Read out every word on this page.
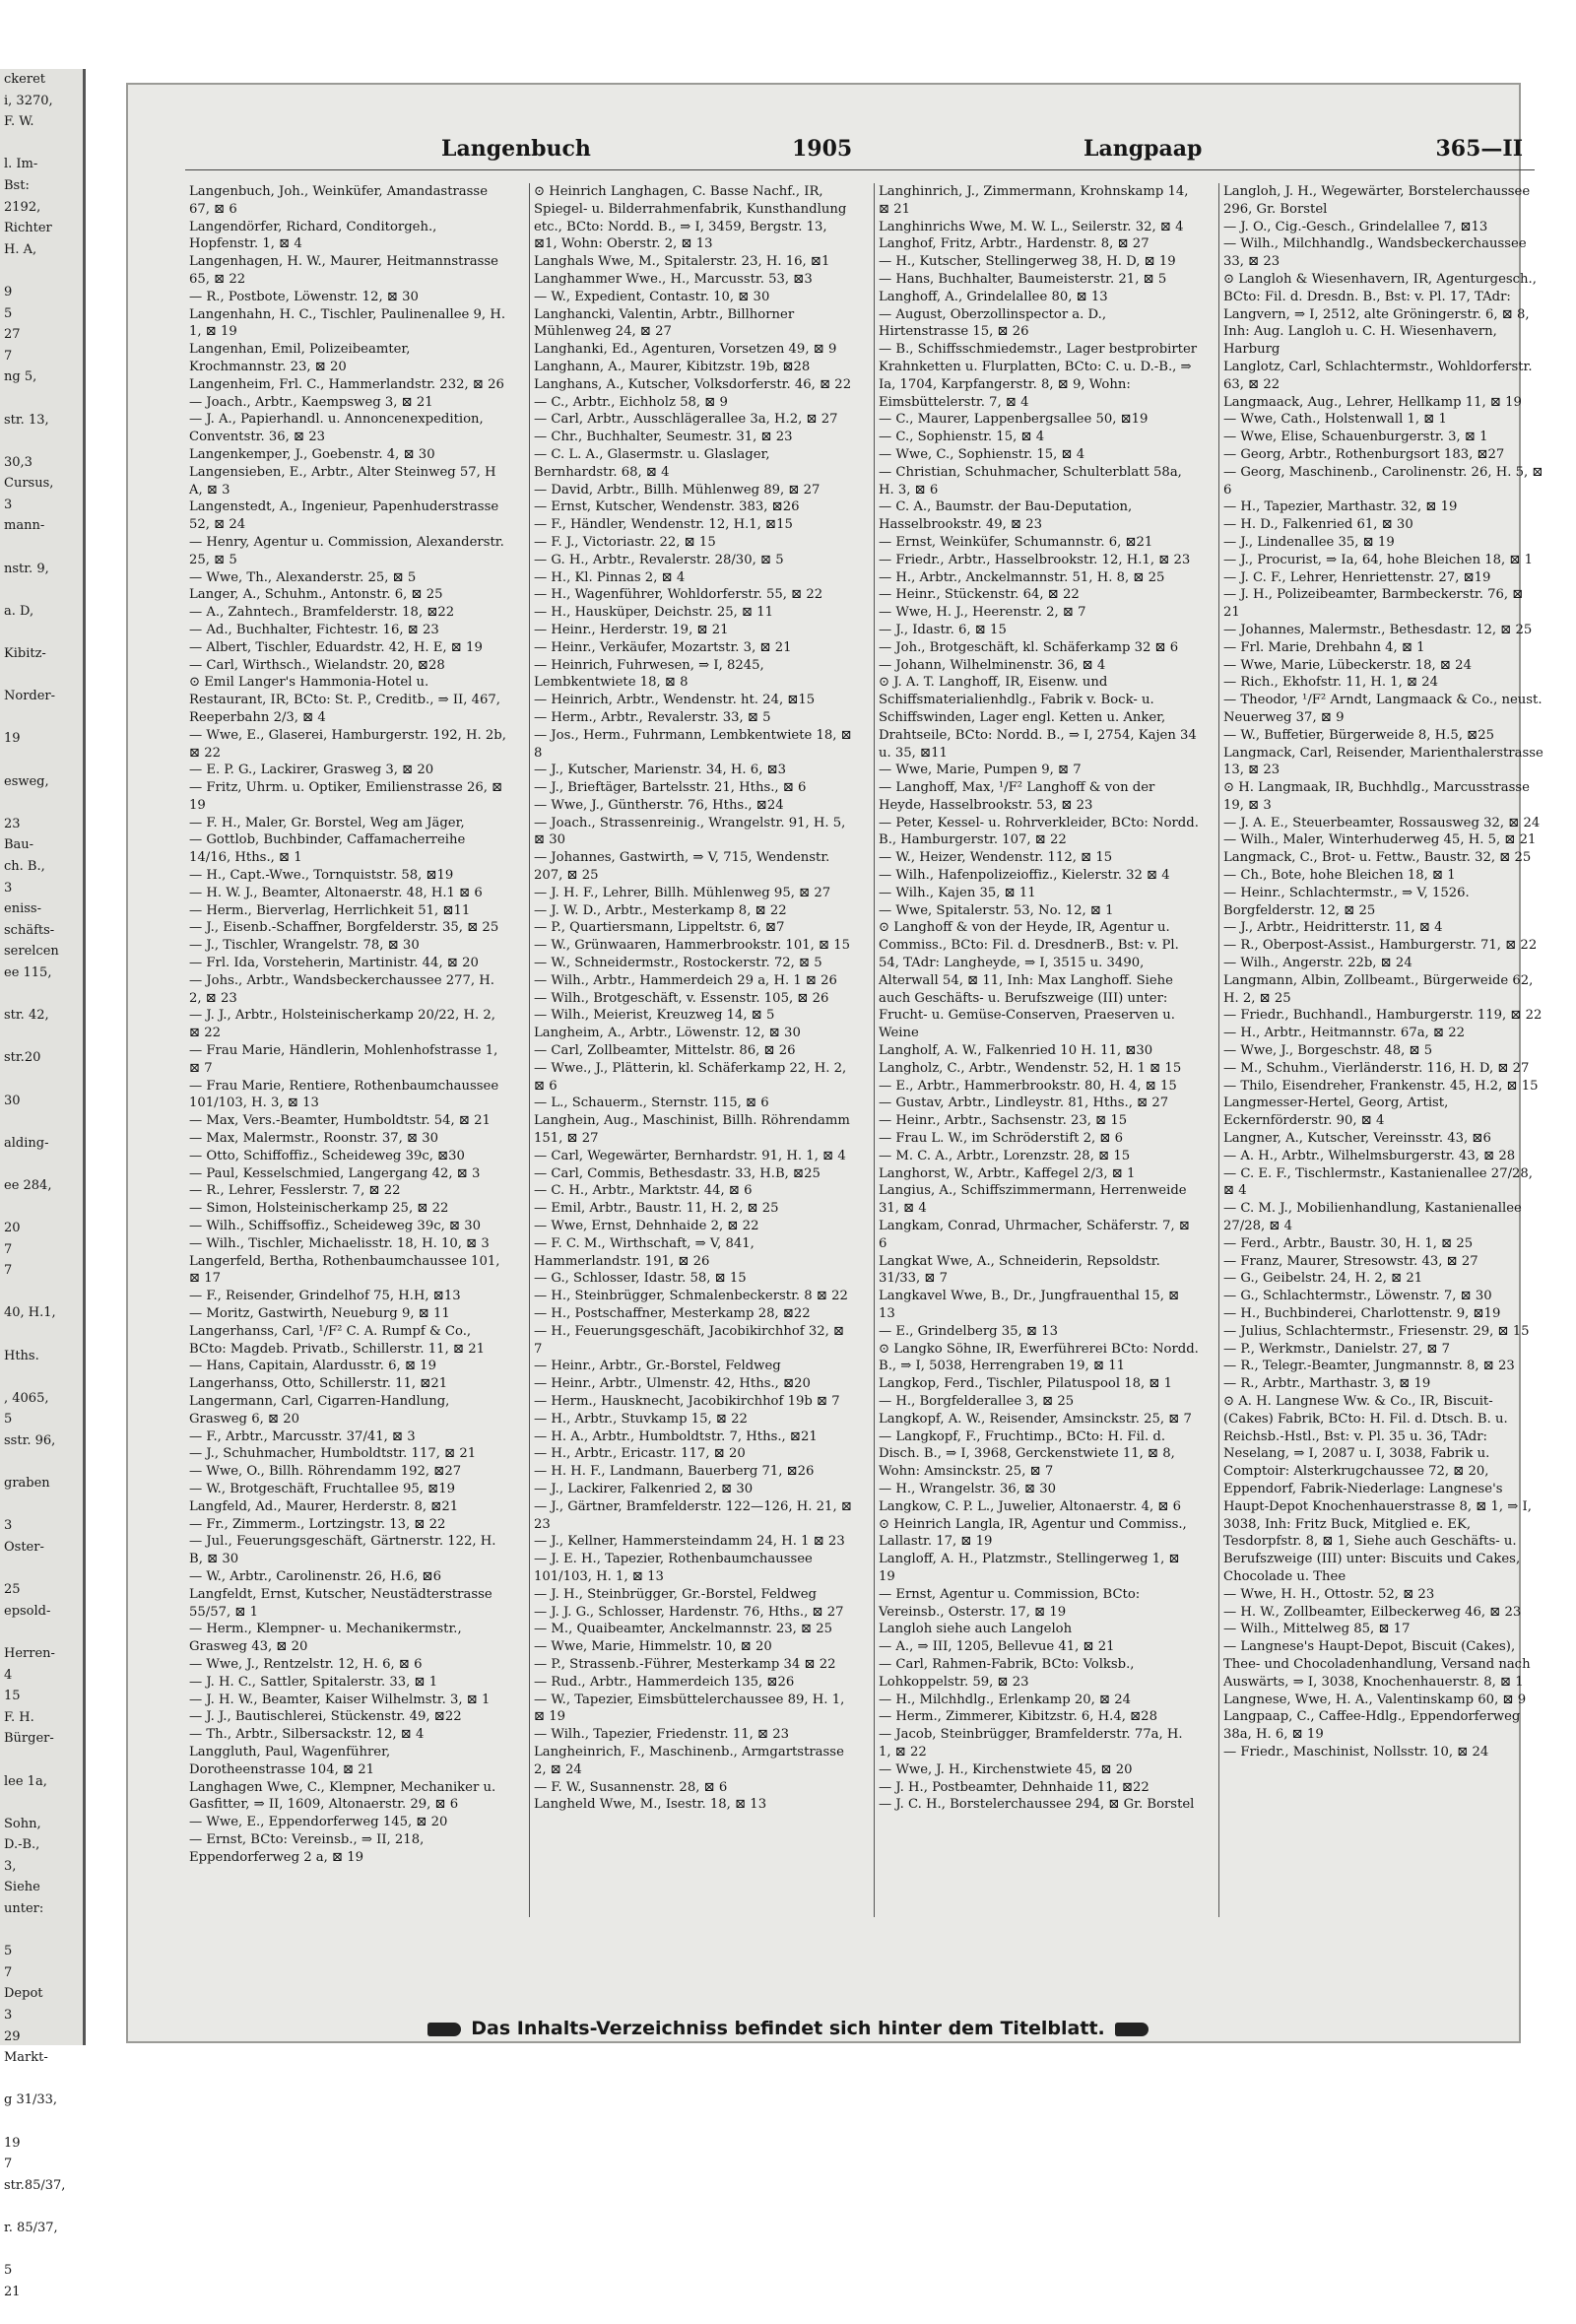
ckeret
i, 3270,
F. W.

l. Im-
Bst:
2192,
Richter
H. A,

9
5
27
7
ng 5,

str. 13,

30,3
Cursus,
3
mann-

nstr. 9,

a. D,

Kibitz-

Norder-

19

esweg,

23
Bau-
ch. B.,
3
eniss-
schäfts-
serelcen
ee 115,

str. 42,

str.20

30

alding-

ee 284,

20
7
7

40, H.1,

Hths.

, 4065,
5
sstr. 96,

graben

3
Oster-

25
epsold-

Herren-
4
15
F. H.
Bürger-

lee 1a,

Sohn,
D.-B.,
3,
Siehe
unter:

5
7
Depot
3
29
Markt-

g 31/33,

19
7
str.85/37,

r. 85/37,

5
21

Langenbuch	1905	Langpaap	365—II

Langenbuch, Joh., Weinküfer, Amandastrasse 67, ⊠ 6

Langendörfer, Richard, Conditorgeh., Hopfenstr. 1, ⊠ 4

Langenhagen, H. W., Maurer, Heitmannstrasse 65, ⊠ 22

— R., Postbote, Löwenstr. 12, ⊠ 30

Langenhahn, H. C., Tischler, Paulinenallee 9, H. 1, ⊠ 19

Langenhan, Emil, Polizeibeamter, Krochmannstr. 23, ⊠ 20

Langenheim, Frl. C., Hammerlandstr. 232, ⊠ 26

— Joach., Arbtr., Kaempsweg 3, ⊠ 21

— J. A., Papierhandl. u. Annoncenexpedition, Conventstr. 36, ⊠ 23

Langenkemper, J., Goebenstr. 4, ⊠ 30

Langensieben, E., Arbtr., Alter Steinweg 57, H A, ⊠ 3

Langenstedt, A., Ingenieur, Papenhuderstrasse 52, ⊠ 24

— Henry, Agentur u. Commission, Alexanderstr. 25, ⊠ 5

— Wwe, Th., Alexanderstr. 25, ⊠ 5

Langer, A., Schuhm., Antonstr. 6, ⊠ 25

— A., Zahntech., Bramfelderstr. 18, ⊠22

— Ad., Buchhalter, Fichtestr. 16, ⊠ 23

— Albert, Tischler, Eduardstr. 42, H. E, ⊠ 19

— Carl, Wirthsch., Wielandstr. 20, ⊠28

⊙ Emil Langer's Hammonia-Hotel u. Restaurant, IR, BCto: St. P., Creditb., ⇒ II, 467, Reeperbahn 2/3, ⊠ 4

— Wwe, E., Glaserei, Hamburgerstr. 192, H. 2b, ⊠ 22

— E. P. G., Lackirer, Grasweg 3, ⊠ 20

— Fritz, Uhrm. u. Optiker, Emilienstrasse 26, ⊠ 19

— F. H., Maler, Gr. Borstel, Weg am Jäger,

— Gottlob, Buchbinder, Caffamacherreihe 14/16, Hths., ⊠ 1

— H., Capt.-Wwe., Tornquiststr. 58, ⊠19

— H. W. J., Beamter, Altonaerstr. 48, H.1 ⊠ 6

— Herm., Bierverlag, Herrlichkeit 51, ⊠11

— J., Eisenb.-Schaffner, Borgfelderstr. 35, ⊠ 25

— J., Tischler, Wrangelstr. 78, ⊠ 30

— Frl. Ida, Vorsteherin, Martinistr. 44, ⊠ 20

— Johs., Arbtr., Wandsbeckerchaussee 277, H. 2, ⊠ 23

— J. J., Arbtr., Holsteinischerkamp 20/22, H. 2, ⊠ 22

— Frau Marie, Händlerin, Mohlenhofstrasse 1, ⊠ 7

— Frau Marie, Rentiere, Rothenbaumchaussee 101/103, H. 3, ⊠ 13

— Max, Vers.-Beamter, Humboldtstr. 54, ⊠ 21

— Max, Malermstr., Roonstr. 37, ⊠ 30

— Otto, Schiffoffiz., Scheideweg 39c, ⊠30

— Paul, Kesselschmied, Langergang 42, ⊠ 3

— R., Lehrer, Fesslerstr. 7, ⊠ 22

— Simon, Holsteinischerkamp 25, ⊠ 22

— Wilh., Schiffsoffiz., Scheideweg 39c, ⊠ 30

— Wilh., Tischler, Michaelisstr. 18, H. 10, ⊠ 3

Langerfeld, Bertha, Rothenbaumchaussee 101, ⊠ 17

— F., Reisender, Grindelhof 75, H.H, ⊠13

— Moritz, Gastwirth, Neueburg 9, ⊠ 11

Langerhanss, Carl, ¹/F² C. A. Rumpf & Co., BCto: Magdeb. Privatb., Schillerstr. 11, ⊠ 21

— Hans, Capitain, Alardusstr. 6, ⊠ 19

Langerhanss, Otto, Schillerstr. 11, ⊠21

Langermann, Carl, Cigarren-Handlung, Grasweg 6, ⊠ 20

— F., Arbtr., Marcusstr. 37/41, ⊠ 3

— J., Schuhmacher, Humboldtstr. 117, ⊠ 21

— Wwe, O., Billh. Röhrendamm 192, ⊠27

— W., Brotgeschäft, Fruchtallee 95, ⊠19

Langfeld, Ad., Maurer, Herderstr. 8, ⊠21

— Fr., Zimmerm., Lortzingstr. 13, ⊠ 22

— Jul., Feuerungsgeschäft, Gärtnerstr. 122, H. B, ⊠ 30

— W., Arbtr., Carolinenstr. 26, H.6, ⊠6

Langfeldt, Ernst, Kutscher, Neustädterstrasse 55/57, ⊠ 1

— Herm., Klempner- u. Mechanikermstr., Grasweg 43, ⊠ 20

— Wwe, J., Rentzelstr. 12, H. 6, ⊠ 6

— J. H. C., Sattler, Spitalerstr. 33, ⊠ 1

— J. H. W., Beamter, Kaiser Wilhelmstr. 3, ⊠ 1

— J. J., Bautischlerei, Stückenstr. 49, ⊠22

— Th., Arbtr., Silbersackstr. 12, ⊠ 4

Langgluth, Paul, Wagenführer, Dorotheenstrasse 104, ⊠ 21

Langhagen Wwe, C., Klempner, Mechaniker u. Gasfitter, ⇒ II, 1609, Altonaerstr. 29, ⊠ 6

— Wwe, E., Eppendorferweg 145, ⊠ 20

— Ernst, BCto: Vereinsb., ⇒ II, 218, Eppendorferweg 2 a, ⊠ 19

⊙ Heinrich Langhagen, C. Basse Nachf., IR, Spiegel- u. Bilderrahmenfabrik, Kunsthandlung etc., BCto: Nordd. B., ⇒ I, 3459, Bergstr. 13, ⊠1, Wohn: Oberstr. 2, ⊠ 13

Langhals Wwe, M., Spitalerstr. 23, H. 16, ⊠1

Langhammer Wwe., H., Marcusstr. 53, ⊠3

— W., Expedient, Contastr. 10, ⊠ 30

Langhancki, Valentin, Arbtr., Billhorner Mühlenweg 24, ⊠ 27

Langhanki, Ed., Agenturen, Vorsetzen 49, ⊠ 9

Langhann, A., Maurer, Kibitzstr. 19b, ⊠28

Langhans, A., Kutscher, Volksdorferstr. 46, ⊠ 22

— C., Arbtr., Eichholz 58, ⊠ 9

— Carl, Arbtr., Ausschlägerallee 3a, H.2, ⊠ 27

— Chr., Buchhalter, Seumestr. 31, ⊠ 23

— C. L. A., Glasermstr. u. Glaslager, Bernhardstr. 68, ⊠ 4

— David, Arbtr., Billh. Mühlenweg 89, ⊠ 27

— Ernst, Kutscher, Wendenstr. 383, ⊠26

— F., Händler, Wendenstr. 12, H.1, ⊠15

— F. J., Victoriastr. 22, ⊠ 15

— G. H., Arbtr., Revalerstr. 28/30, ⊠ 5

— H., Kl. Pinnas 2, ⊠ 4

— H., Wagenführer, Wohldorferstr. 55, ⊠ 22

— H., Hausküper, Deichstr. 25, ⊠ 11

— Heinr., Herderstr. 19, ⊠ 21

— Heinr., Verkäufer, Mozartstr. 3, ⊠ 21

— Heinrich, Fuhrwesen, ⇒ I, 8245, Lembkentwiete 18, ⊠ 8

— Heinrich, Arbtr., Wendenstr. ht. 24, ⊠15

— Herm., Arbtr., Revalerstr. 33, ⊠ 5

— Jos., Herm., Fuhrmann, Lembkentwiete 18, ⊠ 8

— J., Kutscher, Marienstr. 34, H. 6, ⊠3

— J., Brieftäger, Bartelsstr. 21, Hths., ⊠ 6

— Wwe, J., Güntherstr. 76, Hths., ⊠24

— Joach., Strassenreinig., Wrangelstr. 91, H. 5, ⊠ 30

— Johannes, Gastwirth, ⇒ V, 715, Wendenstr. 207, ⊠ 25

— J. H. F., Lehrer, Billh. Mühlenweg 95, ⊠ 27

— J. W. D., Arbtr., Mesterkamp 8, ⊠ 22

— P., Quartiersmann, Lippeltstr. 6, ⊠7

— W., Grünwaaren, Hammerbrookstr. 101, ⊠ 15

— W., Schneidermstr., Rostockerstr. 72, ⊠ 5

— Wilh., Arbtr., Hammerdeich 29 a, H. 1 ⊠ 26

— Wilh., Brotgeschäft, v. Essenstr. 105, ⊠ 26

— Wilh., Meierist, Kreuzweg 14, ⊠ 5

Langheim, A., Arbtr., Löwenstr. 12, ⊠ 30

— Carl, Zollbeamter, Mittelstr. 86, ⊠ 26

— Wwe., J., Plätterin, kl. Schäferkamp 22, H. 2, ⊠ 6

— L., Schauerm., Sternstr. 115, ⊠ 6

Langhein, Aug., Maschinist, Billh. Röhrendamm 151, ⊠ 27

— Carl, Wegewärter, Bernhardstr. 91, H. 1, ⊠ 4

— Carl, Commis, Bethesdastr. 33, H.B, ⊠25

— C. H., Arbtr., Marktstr. 44, ⊠ 6

— Emil, Arbtr., Baustr. 11, H. 2, ⊠ 25

— Wwe, Ernst, Dehnhaide 2, ⊠ 22

— F. C. M., Wirthschaft, ⇒ V, 841, Hammerlandstr. 191, ⊠ 26

— G., Schlosser, Idastr. 58, ⊠ 15

— H., Steinbrügger, Schmalenbeckerstr. 8 ⊠ 22

— H., Postschaffner, Mesterkamp 28, ⊠22

— H., Feuerungsgeschäft, Jacobikirchhof 32, ⊠ 7

— Heinr., Arbtr., Gr.-Borstel, Feldweg

— Heinr., Arbtr., Ulmenstr. 42, Hths., ⊠20

— Herm., Hausknecht, Jacobikirchhof 19b ⊠ 7

— H., Arbtr., Stuvkamp 15, ⊠ 22

— H. A., Arbtr., Humboldtstr. 7, Hths., ⊠21

— H., Arbtr., Ericastr. 117, ⊠ 20

— H. H. F., Landmann, Bauerberg 71, ⊠26

— J., Lackirer, Falkenried 2, ⊠ 30

— J., Gärtner, Bramfelderstr. 122—126, H. 21, ⊠ 23

— J., Kellner, Hammersteindamm 24, H. 1 ⊠ 23

— J. E. H., Tapezier, Rothenbaumchaussee 101/103, H. 1, ⊠ 13

— J. H., Steinbrügger, Gr.-Borstel, Feldweg

— J. J. G., Schlosser, Hardenstr. 76, Hths., ⊠ 27

— M., Quaibeamter, Anckelmannstr. 23, ⊠ 25

— Wwe, Marie, Himmelstr. 10, ⊠ 20

— P., Strassenb.-Führer, Mesterkamp 34 ⊠ 22

— Rud., Arbtr., Hammerdeich 135, ⊠26

— W., Tapezier, Eimsbüttelerchaussee 89, H. 1, ⊠ 19

— Wilh., Tapezier, Friedenstr. 11, ⊠ 23

Langheinrich, F., Maschinenb., Armgartstrasse 2, ⊠ 24

— F. W., Susannenstr. 28, ⊠ 6

Langheld Wwe, M., Isestr. 18, ⊠ 13

Langhinrich, J., Zimmermann, Krohnskamp 14, ⊠ 21

Langhinrichs Wwe, M. W. L., Seilerstr. 32, ⊠ 4

Langhof, Fritz, Arbtr., Hardenstr. 8, ⊠ 27

— H., Kutscher, Stellingerweg 38, H. D, ⊠ 19

— Hans, Buchhalter, Baumeisterstr. 21, ⊠ 5

Langhoff, A., Grindelallee 80, ⊠ 13

— August, Oberzollinspector a. D., Hirtenstrasse 15, ⊠ 26

— B., Schiffsschmiedemstr., Lager bestprobirter Krahnketten u. Flurplatten, BCto: C. u. D.-B., ⇒ Ia, 1704, Karpfangerstr. 8, ⊠ 9, Wohn: Eimsbüttelerstr. 7, ⊠ 4

— C., Maurer, Lappenbergsallee 50, ⊠19

— C., Sophienstr. 15, ⊠ 4

— Wwe, C., Sophienstr. 15, ⊠ 4

— Christian, Schuhmacher, Schulterblatt 58a, H. 3, ⊠ 6

— C. A., Baumstr. der Bau-Deputation, Hasselbrookstr. 49, ⊠ 23

— Ernst, Weinküfer, Schumannstr. 6, ⊠21

— Friedr., Arbtr., Hasselbrookstr. 12, H.1, ⊠ 23

— H., Arbtr., Anckelmannstr. 51, H. 8, ⊠ 25

— Heinr., Stückenstr. 64, ⊠ 22

— Wwe, H. J., Heerenstr. 2, ⊠ 7

— J., Idastr. 6, ⊠ 15

— Joh., Brotgeschäft, kl. Schäferkamp 32 ⊠ 6

— Johann, Wilhelminenstr. 36, ⊠ 4

⊙ J. A. T. Langhoff, IR, Eisenw. und Schiffsmaterialienhdlg., Fabrik v. Bock- u. Schiffswinden, Lager engl. Ketten u. Anker, Drahtseile, BCto: Nordd. B., ⇒ I, 2754, Kajen 34 u. 35, ⊠11

— Wwe, Marie, Pumpen 9, ⊠ 7

— Langhoff, Max, ¹/F² Langhoff & von der Heyde, Hasselbrookstr. 53, ⊠ 23

— Peter, Kessel- u. Rohrverkleider, BCto: Nordd. B., Hamburgerstr. 107, ⊠ 22

— W., Heizer, Wendenstr. 112, ⊠ 15

— Wilh., Hafenpolizeioffiz., Kielerstr. 32 ⊠ 4

— Wilh., Kajen 35, ⊠ 11

— Wwe, Spitalerstr. 53, No. 12, ⊠ 1

⊙ Langhoff & von der Heyde, IR, Agentur u. Commiss., BCto: Fil. d. DresdnerB., Bst: v. Pl. 54, TAdr: Langheyde, ⇒ I, 3515 u. 3490, Alterwall 54, ⊠ 11, Inh: Max Langhoff. Siehe auch Geschäfts- u. Berufszweige (III) unter: Frucht- u. Gemüse-Conserven, Praeserven u. Weine

Langholf, A. W., Falkenried 10 H. 11, ⊠30

Langholz, C., Arbtr., Wendenstr. 52, H. 1 ⊠ 15

— E., Arbtr., Hammerbrookstr. 80, H. 4, ⊠ 15

— Gustav, Arbtr., Lindleystr. 81, Hths., ⊠ 27

— Heinr., Arbtr., Sachsenstr. 23, ⊠ 15

— Frau L. W., im Schröderstift 2, ⊠ 6

— M. C. A., Arbtr., Lorenzstr. 28, ⊠ 15

Langhorst, W., Arbtr., Kaffegel 2/3, ⊠ 1

Langius, A., Schiffszimmermann, Herrenweide 31, ⊠ 4

Langkam, Conrad, Uhrmacher, Schäferstr. 7, ⊠ 6

Langkat Wwe, A., Schneiderin, Repsoldstr. 31/33, ⊠ 7

Langkavel Wwe, B., Dr., Jungfrauenthal 15, ⊠ 13

— E., Grindelberg 35, ⊠ 13

⊙ Langko Söhne, IR, Ewerführerei BCto: Nordd. B., ⇒ I, 5038, Herrengraben 19, ⊠ 11

Langkop, Ferd., Tischler, Pilatuspool 18, ⊠ 1

— H., Borgfelderallee 3, ⊠ 25

Langkopf, A. W., Reisender, Amsinckstr. 25, ⊠ 7

— Langkopf, F., Fruchtimp., BCto: H. Fil. d. Disch. B., ⇒ I, 3968, Gerckenstwiete 11, ⊠ 8, Wohn: Amsinckstr. 25, ⊠ 7

— H., Wrangelstr. 36, ⊠ 30

Langkow, C. P. L., Juwelier, Altonaerstr. 4, ⊠ 6

⊙ Heinrich Langla, IR, Agentur und Commiss., Lallastr. 17, ⊠ 19

Langloff, A. H., Platzmstr., Stellingerweg 1, ⊠ 19

— Ernst, Agentur u. Commission, BCto: Vereinsb., Osterstr. 17, ⊠ 19

Langloh siehe auch Langeloh

— A., ⇒ III, 1205, Bellevue 41, ⊠ 21

— Carl, Rahmen-Fabrik, BCto: Volksb., Lohkoppelstr. 59, ⊠ 23

— H., Milchhdlg., Erlenkamp 20, ⊠ 24

— Herm., Zimmerer, Kibitzstr. 6, H.4, ⊠28

— Jacob, Steinbrügger, Bramfelderstr. 77a, H. 1, ⊠ 22

— Wwe, J. H., Kirchenstwiete 45, ⊠ 20

— J. H., Postbeamter, Dehnhaide 11, ⊠22

— J. C. H., Borstelerchaussee 294, ⊠ Gr. Borstel

Langloh, J. H., Wegewärter, Borstelerchaussee 296, Gr. Borstel

— J. O., Cig.-Gesch., Grindelallee 7, ⊠13

— Wilh., Milchhandlg., Wandsbeckerchaussee 33, ⊠ 23

⊙ Langloh & Wiesenhavern, IR, Agenturgesch., BCto: Fil. d. Dresdn. B., Bst: v. Pl. 17, TAdr: Langvern, ⇒ I, 2512, alte Gröningerstr. 6, ⊠ 8, Inh: Aug. Langloh u. C. H. Wiesenhavern, Harburg

Langlotz, Carl, Schlachtermstr., Wohldorferstr. 63, ⊠ 22

Langmaack, Aug., Lehrer, Hellkamp 11, ⊠ 19

— Wwe, Cath., Holstenwall 1, ⊠ 1

— Wwe, Elise, Schauenburgerstr. 3, ⊠ 1

— Georg, Arbtr., Rothenburgsort 183, ⊠27

— Georg, Maschinenb., Carolinenstr. 26, H. 5, ⊠ 6

— H., Tapezier, Marthastr. 32, ⊠ 19

— H. D., Falkenried 61, ⊠ 30

— J., Lindenallee 35, ⊠ 19

— J., Procurist, ⇒ Ia, 64, hohe Bleichen 18, ⊠ 1

— J. C. F., Lehrer, Henriettenstr. 27, ⊠19

— J. H., Polizeibeamter, Barmbeckerstr. 76, ⊠ 21

— Johannes, Malermstr., Bethesdastr. 12, ⊠ 25

— Frl. Marie, Drehbahn 4, ⊠ 1

— Wwe, Marie, Lübeckerstr. 18, ⊠ 24

— Rich., Ekhofstr. 11, H. 1, ⊠ 24

— Theodor, ¹/F² Arndt, Langmaack & Co., neust. Neuerweg 37, ⊠ 9

— W., Buffetier, Bürgerweide 8, H.5, ⊠25

Langmack, Carl, Reisender, Marienthalerstrasse 13, ⊠ 23

⊙ H. Langmaak, IR, Buchhdlg., Marcusstrasse 19, ⊠ 3

— J. A. E., Steuerbeamter, Rossausweg 32, ⊠ 24

— Wilh., Maler, Winterhuderweg 45, H. 5, ⊠ 21

Langmack, C., Brot- u. Fettw., Baustr. 32, ⊠ 25

— Ch., Bote, hohe Bleichen 18, ⊠ 1

— Heinr., Schlachtermstr., ⇒ V, 1526. Borgfelderstr. 12, ⊠ 25

— J., Arbtr., Heidritterstr. 11, ⊠ 4

— R., Oberpost-Assist., Hamburgerstr. 71, ⊠ 22

— Wilh., Angerstr. 22b, ⊠ 24

Langmann, Albin, Zollbeamt., Bürgerweide 62, H. 2, ⊠ 25

— Friedr., Buchhandl., Hamburgerstr. 119, ⊠ 22

— H., Arbtr., Heitmannstr. 67a, ⊠ 22

— Wwe, J., Borgeschstr. 48, ⊠ 5

— M., Schuhm., Vierländerstr. 116, H. D, ⊠ 27

— Thilo, Eisendreher, Frankenstr. 45, H.2, ⊠ 15

Langmesser-Hertel, Georg, Artist, Eckernförderstr. 90, ⊠ 4

Langner, A., Kutscher, Vereinsstr. 43, ⊠6

— A. H., Arbtr., Wilhelmsburgerstr. 43, ⊠ 28

— C. E. F., Tischlermstr., Kastanienallee 27/28, ⊠ 4

— C. M. J., Mobilienhandlung, Kastanienallee 27/28, ⊠ 4

— Ferd., Arbtr., Baustr. 30, H. 1, ⊠ 25

— Franz, Maurer, Stresowstr. 43, ⊠ 27

— G., Geibelstr. 24, H. 2, ⊠ 21

— G., Schlachtermstr., Löwenstr. 7, ⊠ 30

— H., Buchbinderei, Charlottenstr. 9, ⊠19

— Julius, Schlachtermstr., Friesenstr. 29, ⊠ 15

— P., Werkmstr., Danielstr. 27, ⊠ 7

— R., Telegr.-Beamter, Jungmannstr. 8, ⊠ 23

— R., Arbtr., Marthastr. 3, ⊠ 19

⊙ A. H. Langnese Ww. & Co., IR, Biscuit- (Cakes) Fabrik, BCto: H. Fil. d. Dtsch. B. u. Reichsb.-Hstl., Bst: v. Pl. 35 u. 36, TAdr: Neselang, ⇒ I, 2087 u. I, 3038, Fabrik u. Comptoir: Alsterkrugchaussee 72, ⊠ 20, Eppendorf, Fabrik-Niederlage: Langnese's Haupt-Depot Knochenhauerstrasse 8, ⊠ 1, ⇒ I, 3038, Inh: Fritz Buck, Mitglied e. EK, Tesdorpfstr. 8, ⊠ 1, Siehe auch Geschäfts- u. Berufszweige (III) unter: Biscuits und Cakes, Chocolade u. Thee

— Wwe, H. H., Ottostr. 52, ⊠ 23

— H. W., Zollbeamter, Eilbeckerweg 46, ⊠ 23

— Wilh., Mittelweg 85, ⊠ 17

— Langnese's Haupt-Depot, Biscuit (Cakes), Thee- und Chocoladenhandlung, Versand nach Auswärts, ⇒ I, 3038, Knochenhauerstr. 8, ⊠ 1

Langnese, Wwe, H. A., Valentinskamp 60, ⊠ 9

Langpaap, C., Caffee-Hdlg., Eppendorferweg 38a, H. 6, ⊠ 19

— Friedr., Maschinist, Nollsstr. 10, ⊠ 24

Das Inhalts-Verzeichniss befindet sich hinter dem Titelblatt.
